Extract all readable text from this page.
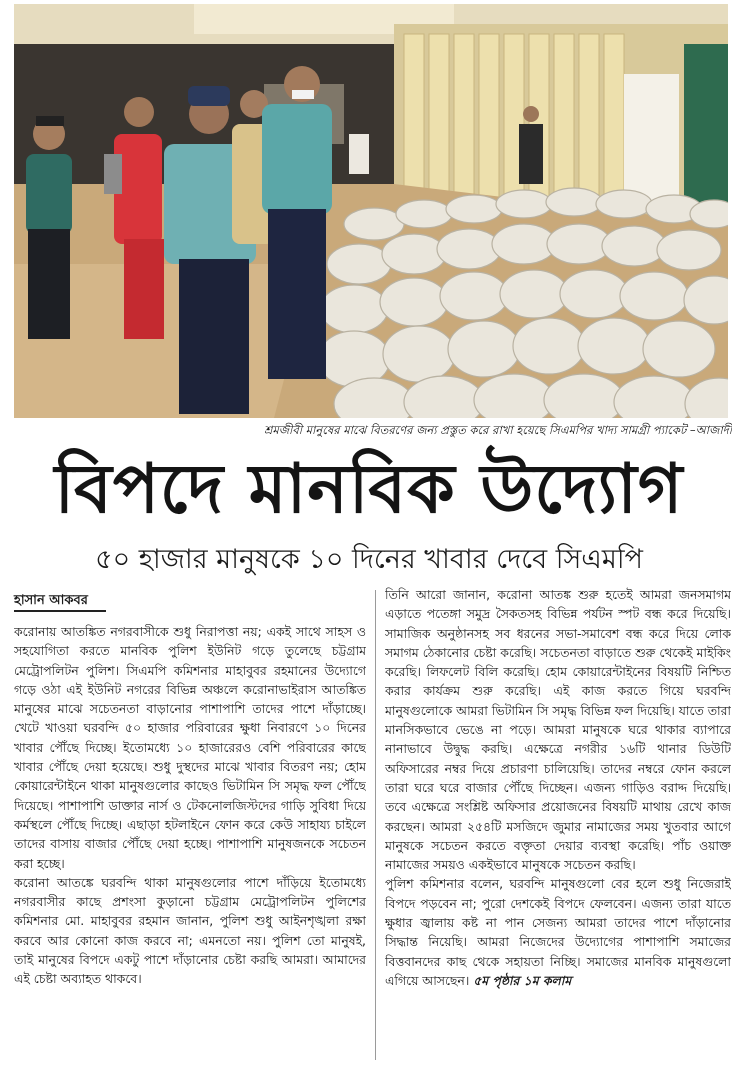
শ্রমজীবী মানুষের মাঝে বিতরণের জন্য প্রস্তুত করে রাখা হয়েছে সিএমপির খাদ্য সামগ্রী প্যাকেট –আজাদী
বিপদে মানবিক উদ্যোগ
৫০ হাজার মানুষকে ১০ দিনের খাবার দেবে সিএমপি
হাসান আকবর

করোনায় আতঙ্কিত নগরবাসীকে শুধু নিরাপত্তা নয়; একই সাথে সাহস ও সহযোগিতা করতে মানবিক পুলিশ ইউনিট গড়ে তুলেছে চট্টগ্রাম মেট্রোপলিটন পুলিশ। সিএমপি কমিশনার মাহাবুবর রহমানের উদ্যোগে গড়ে ওঠা এই ইউনিট নগরের বিভিন্ন অঞ্চলে করোনাভাইরাস আতঙ্কিত মানুষের মাঝে সচেতনতা বাড়ানোর পাশাপাশি তাদের পাশে দাঁড়াচ্ছে। খেটে খাওয়া ঘরবন্দি ৫০ হাজার পরিবারের ক্ষুধা নিবারণে ১০ দিনের খাবার পৌঁছে দিচ্ছে। ইতোমধ্যে ১০ হাজারেরও বেশি পরিবারের কাছে খাবার পৌঁছে দেয়া হয়েছে। শুধু দুস্থদের মাঝে খাবার বিতরণ নয়; হোম কোয়ারেন্টাইনে থাকা মানুষগুলোর কাছেও ভিটামিন সি সমৃদ্ধ ফল পৌঁছে দিয়েছে। পাশাপাশি ডাক্তার নার্স ও টেকনোলজিস্টদের গাড়ি সুবিধা দিয়ে কর্মস্থলে পৌঁছে দিচ্ছে। এছাড়া হটলাইনে ফোন করে কেউ সাহায্য চাইলে তাদের বাসায় বাজার পৌঁছে দেয়া হচ্ছে। পাশাপাশি মানুষজনকে সচেতন করা হচ্ছে।

করোনা আতঙ্কে ঘরবন্দি থাকা মানুষগুলোর পাশে দাঁড়িয়ে ইতোমধ্যে নগরবাসীর কাছে প্রশংসা কুড়ানো চট্টগ্রাম মেট্রোপলিটন পুলিশের কমিশনার মো. মাহাবুবর রহমান জানান, পুলিশ শুধু আইনশৃঙ্খলা রক্ষা করবে আর কোনো কাজ করবে না; এমনতো নয়। পুলিশ তো মানুষই, তাই মানুষের বিপদে একটু পাশে দাঁড়ানোর চেষ্টা করছি আমরা। আমাদের এই চেষ্টা অব্যাহত থাকবে।

তিনি আরো জানান, করোনা আতঙ্ক শুরু হতেই আমরা জনসমাগম এড়াতে পতেঙ্গা সমুদ্র সৈকতসহ বিভিন্ন পর্যটন স্পট বন্ধ করে দিয়েছি। সামাজিক অনুষ্ঠানসহ সব ধরনের সভা-সমাবেশ বন্ধ করে দিয়ে লোক সমাগম ঠেকানোর চেষ্টা করেছি। সচেতনতা বাড়াতে শুরু থেকেই মাইকিং করেছি। লিফলেট বিলি করেছি। হোম কোয়ারেন্টাইনের বিষয়টি নিশ্চিত করার কার্যক্রম শুরু করেছি। এই কাজ করতে গিয়ে ঘরবন্দি মানুষগুলোকে আমরা ভিটামিন সি সমৃদ্ধ বিভিন্ন ফল দিয়েছি। যাতে তারা মানসিকভাবে ভেঙে না পড়ে। আমরা মানুষকে ঘরে থাকার ব্যাপারে নানাভাবে উদ্বুদ্ধ করছি। এক্ষেত্রে নগরীর ১৬টি থানার ডিউটি অফিসারের নম্বর দিয়ে প্রচারণা চালিয়েছি। তাদের নম্বরে ফোন করলে তারা ঘরে ঘরে বাজার পৌঁছে দিচ্ছেন। এজন্য গাড়িও বরাদ্দ দিয়েছি। তবে এক্ষেত্রে সংশ্লিষ্ট অফিসার প্রয়োজনের বিষয়টি মাথায় রেখে কাজ করছেন। আমরা ২৫৪টি মসজিদে জুমার নামাজের সময় খুতবার আগে মানুষকে সচেতন করতে বক্তৃতা দেয়ার ব্যবস্থা করেছি। পাঁচ ওয়াক্ত নামাজের সময়ও একইভাবে মানুষকে সচেতন করছি।

পুলিশ কমিশনার বলেন, ঘরবন্দি মানুষগুলো বের হলে শুধু নিজেরাই বিপদে পড়বেন না; পুরো দেশকেই বিপদে ফেলবেন। এজন্য তারা যাতে ক্ষুধার জ্বালায় কষ্ট না পান সেজন্য আমরা তাদের পাশে দাঁড়ানোর সিদ্ধান্ত নিয়েছি। আমরা নিজেদের উদ্যোগের পাশাপাশি সমাজের বিত্তবানদের কাছ থেকে সহায়তা নিচ্ছি। সমাজের মানবিক মানুষগুলো এগিয়ে আসছেন। ৫ম পৃষ্ঠার ১ম কলাম
